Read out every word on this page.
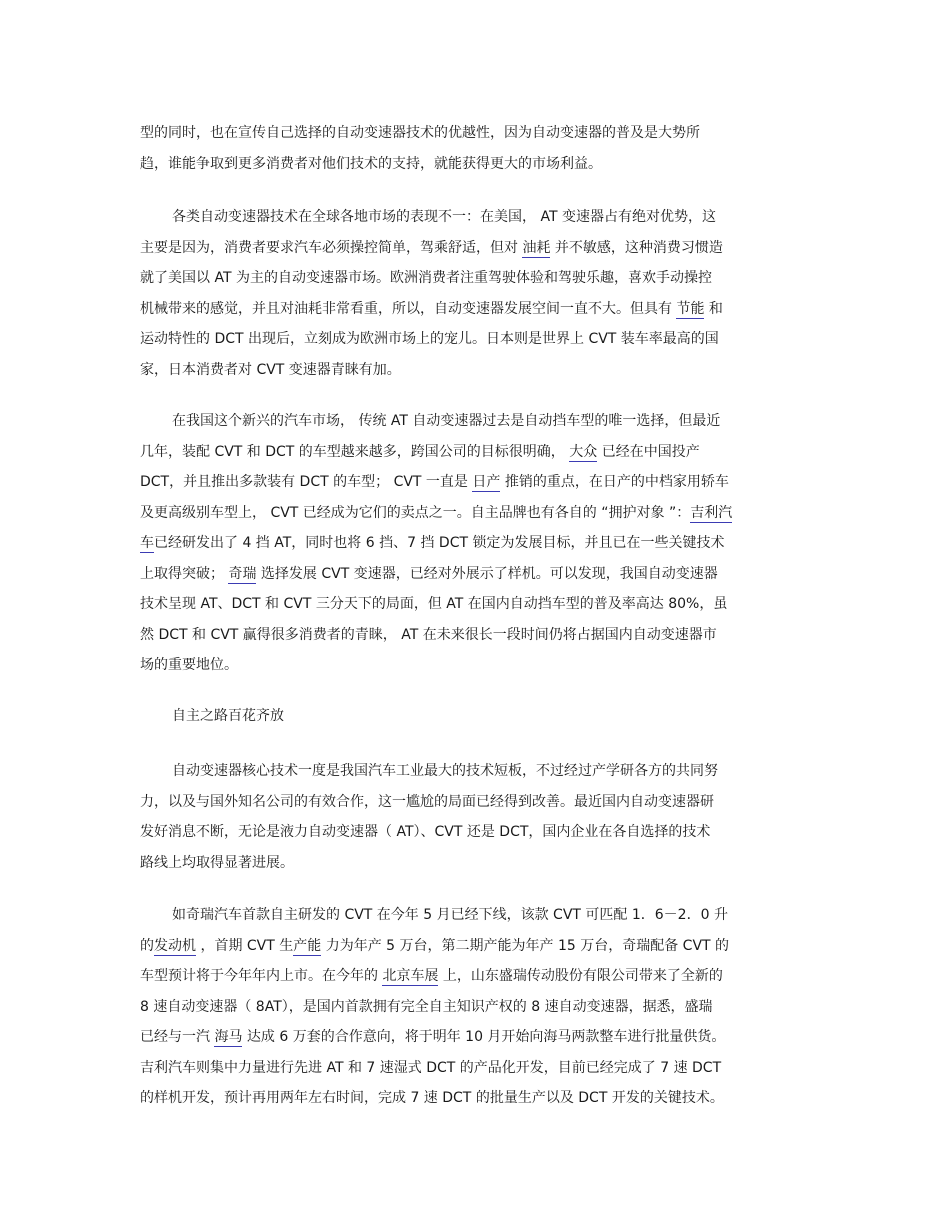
型的同时，也在宣传自己选择的自动变速器技术的优越性，因为自动变速器的普及是大势所
趋，谁能争取到更多消费者对他们技术的支持，就能获得更大的市场利益。
各类自动变速器技术在全球各地市场的表现不一：在美国， AT 变速器占有绝对优势，这
主要是因为，消费者要求汽车必须操控简单，驾乘舒适，但对 油耗 并不敏感，这种消费习惯造
就了美国以 AT 为主的自动变速器市场。欧洲消费者注重驾驶体验和驾驶乐趣，喜欢手动操控
机械带来的感觉，并且对油耗非常看重，所以，自动变速器发展空间一直不大。但具有 节能 和
运动特性的 DCT 出现后，立刻成为欧洲市场上的宠儿。日本则是世界上 CVT 装车率最高的国
家，日本消费者对 CVT 变速器青睐有加。
在我国这个新兴的汽车市场， 传统 AT 自动变速器过去是自动挡车型的唯一选择，但最近
几年，装配 CVT 和 DCT 的车型越来越多，跨国公司的目标很明确， 大众 已经在中国投产
DCT，并且推出多款装有 DCT 的车型； CVT 一直是 日产 推销的重点，在日产的中档家用轿车
及更高级别车型上， CVT 已经成为它们的卖点之一。自主品牌也有各自的 “拥护对象 ”：吉利汽
车已经研发出了 4 挡 AT，同时也将 6 挡、7 挡 DCT 锁定为发展目标，并且已在一些关键技术
上取得突破； 奇瑞 选择发展 CVT 变速器，已经对外展示了样机。可以发现，我国自动变速器
技术呈现 AT、DCT 和 CVT 三分天下的局面，但 AT 在国内自动挡车型的普及率高达 80%，虽
然 DCT 和 CVT 赢得很多消费者的青睐， AT 在未来很长一段时间仍将占据国内自动变速器市
场的重要地位。
自主之路百花齐放
自动变速器核心技术一度是我国汽车工业最大的技术短板，不过经过产学研各方的共同努
力，以及与国外知名公司的有效合作，这一尴尬的局面已经得到改善。最近国内自动变速器研
发好消息不断，无论是液力自动变速器（ AT）、CVT 还是 DCT，国内企业在各自选择的技术
路线上均取得显著进展。
如奇瑞汽车首款自主研发的 CVT 在今年 5 月已经下线，该款 CVT 可匹配 1．6－2．0 升
的发动机 ，首期 CVT 生产能 力为年产 5 万台，第二期产能为年产 15 万台，奇瑞配备 CVT 的
车型预计将于今年年内上市。在今年的 北京车展 上，山东盛瑞传动股份有限公司带来了全新的
8 速自动变速器（ 8AT），是国内首款拥有完全自主知识产权的 8 速自动变速器，据悉，盛瑞
已经与一汽 海马 达成 6 万套的合作意向，将于明年 10 月开始向海马两款整车进行批量供货。
吉利汽车则集中力量进行先进 AT 和 7 速湿式 DCT 的产品化开发，目前已经完成了 7 速 DCT
的样机开发，预计再用两年左右时间，完成 7 速 DCT 的批量生产以及 DCT 开发的关键技术。
